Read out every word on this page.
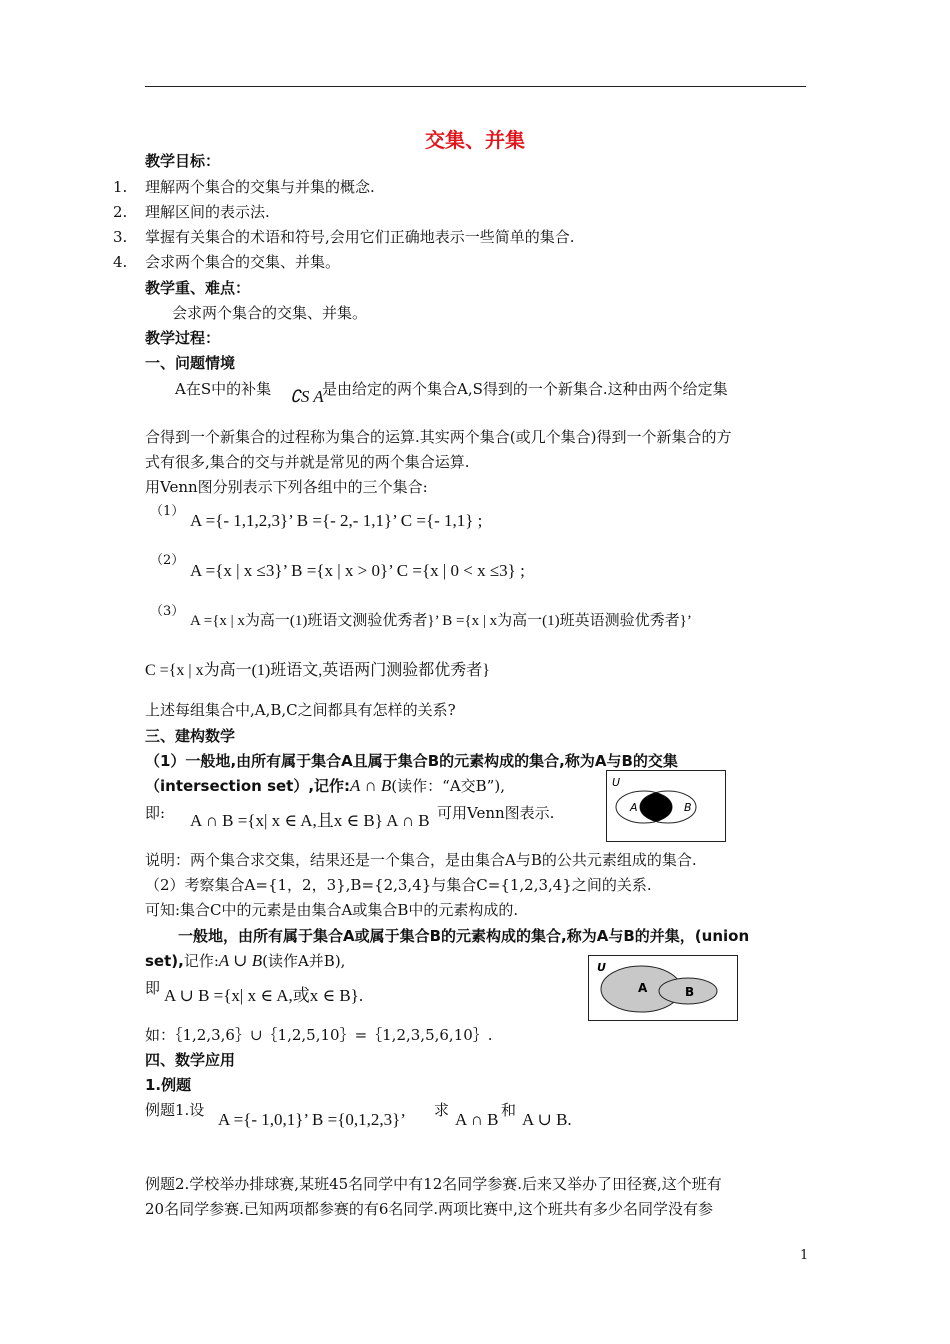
交集、并集
教学目标：
1. 理解两个集合的交集与并集的概念.
2. 理解区间的表示法.
3. 掌握有关集合的术语和符号,会用它们正确地表示一些简单的集合.
4. 会求两个集合的交集、并集。
教学重、难点：
会求两个集合的交集、并集。
教学过程：
一、问题情境
A在S中的补集 ∁S A
是由给定的两个集合A,S得到的一个新集合.这种由两个给定集
合得到一个新集合的过程称为集合的运算.其实两个集合(或几个集合)得到一个新集合的方
式有很多,集合的交与并就是常见的两个集合运算.
用Venn图分别表示下列各组中的三个集合:
（1） A ={- 1,1,2,3}’ B ={- 2,- 1,1}’ C ={- 1,1} ;
（2）
A ={x | x ≤3}’ B ={x | x > 0}’ C ={x | 0 < x ≤3} ;
（3）
A ={x | x为高一(1)班语文测验优秀者}’ B ={x | x为高一(1)班英语测验优秀者}’
C ={x | x为高一(1)班语文,英语两门测验都优秀者}
上述每组集合中,A,B,C之间都具有怎样的关系?
三、建构数学
（1）一般地,由所有属于集合A且属于集合B的元素构成的集合,称为A与B的交集
（intersection set）,记作:A ∩ B(读作：“A交B”),
即: A ∩ B ={x| x ∈ A,且x ∈ B} A ∩ B 可用Venn图表示.
U
A	B
说明：两个集合求交集，结果还是一个集合，是由集合A与B的公共元素组成的集合.
（2）考察集合A={1，2，3},B={2,3,4}与集合C={1,2,3,4}之间的关系.
可知:集合C中的元素是由集合A或集合B中的元素构成的.
一般地，由所有属于集合A或属于集合B的元素构成的集合,称为A与B的并集，(union
set),记作:A ∪ B(读作A并B),
即 A ∪ B ={x| x ∈ A,或x ∈ B}.
U
A	B
如：｛1,2,3,6｝∪｛1,2,5,10｝=｛1,2,3,5,6,10｝.
四、数学应用
1.例题
例题1.设 A ={- 1,0,1}’ B ={0,1,2,3}’ 求 A ∩ B 和 A ∪ B.
例题2.学校举办排球赛,某班45名同学中有12名同学参赛.后来又举办了田径赛,这个班有
20名同学参赛.已知两项都参赛的有6名同学.两项比赛中,这个班共有多少名同学没有参
1
